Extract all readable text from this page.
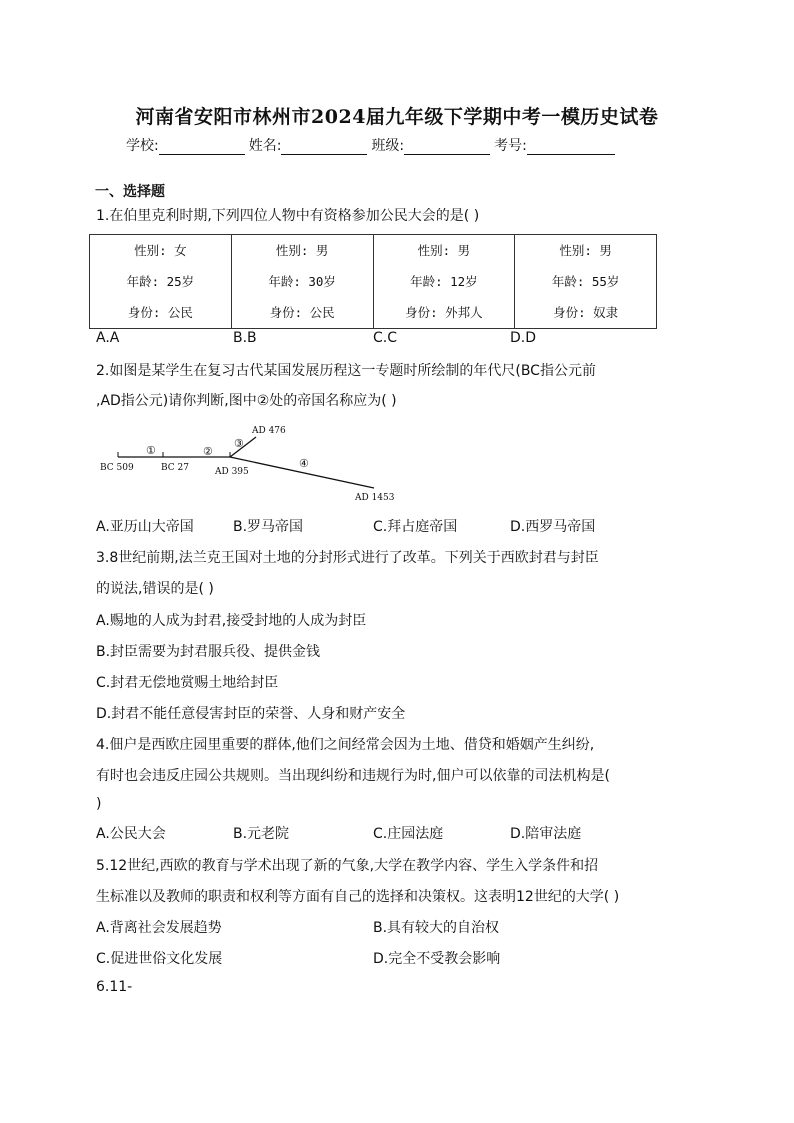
河南省安阳市林州市2024届九年级下学期中考一模历史试卷
学校:	姓名:	班级:	考号:
一、选择题
1.在伯里克利时期,下列四位人物中有资格参加公民大会的是( )
性别: 女
年龄: 25岁
身份: 公民

性别: 男
年龄: 30岁
身份: 公民

性别: 男
年龄: 12岁
身份: 外邦人

性别: 男
年龄: 55岁
身份: 奴隶
A.A	B.B	C.C	D.D
2.如图是某学生在复习古代某国发展历程这一专题时所绘制的年代尺(BC指公元前
,AD指公元)请你判断,图中②处的帝国名称应为( )
BC 509	BC 27	AD 395
AD 476
AD 1453
①	②
③
④
A.亚历山大帝国	B.罗马帝国	C.拜占庭帝国	D.西罗马帝国
3.8世纪前期,法兰克王国对土地的分封形式进行了改革。下列关于西欧封君与封臣
的说法,错误的是( )
A.赐地的人成为封君,接受封地的人成为封臣
B.封臣需要为封君服兵役、提供金钱
C.封君无偿地赏赐土地给封臣
D.封君不能任意侵害封臣的荣誉、人身和财产安全
4.佃户是西欧庄园里重要的群体,他们之间经常会因为土地、借贷和婚姻产生纠纷,
有时也会违反庄园公共规则。当出现纠纷和违规行为时,佃户可以依靠的司法机构是(
)
A.公民大会	B.元老院	C.庄园法庭	D.陪审法庭
5.12世纪,西欧的教育与学术出现了新的气象,大学在教学内容、学生入学条件和招
生标准以及教师的职责和权利等方面有自己的选择和决策权。这表明12世纪的大学( )
A.背离社会发展趋势	B.具有较大的自治权
C.促进世俗文化发展	D.完全不受教会影响
6.11-
